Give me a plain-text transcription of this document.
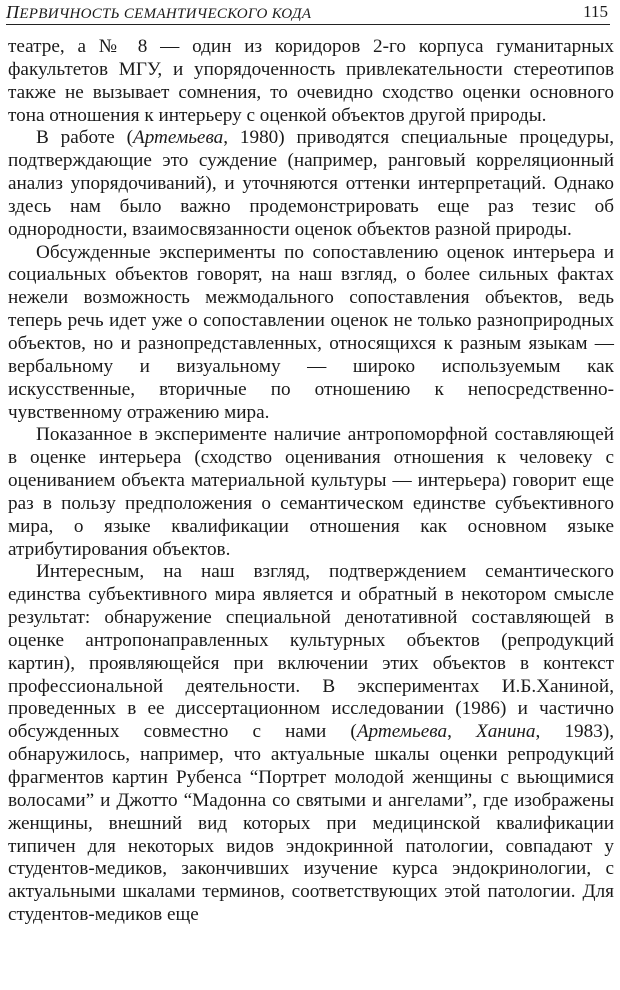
ПЕРВИЧНОСТЬ СЕМАНТИЧЕСКОГО КОДА	115

театре, а № 8 — один из коридоров 2-го корпуса гуманитарных факультетов МГУ, и упорядоченность привлекательности стереотипов также не вызывает сомнения, то очевидно сходство оценки основного тона отношения к интерьеру с оценкой объектов другой природы.

В работе (Артемьева, 1980) приводятся специальные процедуры, подтверждающие это суждение (например, ранговый корреляционный анализ упорядочиваний), и уточняются оттенки интерпретаций. Однако здесь нам было важно продемонстрировать еще раз тезис об однородности, взаимосвязанности оценок объектов разной природы.

Обсужденные эксперименты по сопоставлению оценок интерьера и социальных объектов говорят, на наш взгляд, о более сильных фактах нежели возможность межмодального сопоставления объектов, ведь теперь речь идет уже о сопоставлении оценок не только разноприродных объектов, но и разнопредставленных, относящихся к разным языкам — вербальному и визуальному — широко используемым как искусственные, вторичные по отношению к непосредственно-чувственному отражению мира.

Показанное в эксперименте наличие антропоморфной составляющей в оценке интерьера (сходство оценивания отношения к человеку с оцениванием объекта материальной культуры — интерьера) говорит еще раз в пользу предположения о семантическом единстве субъективного мира, о языке квалификации отношения как основном языке атрибутирования объектов.

Интересным, на наш взгляд, подтверждением семантического единства субъективного мира является и обратный в некотором смысле результат: обнаружение специальной денотативной составляющей в оценке антропонаправленных культурных объектов (репродукций картин), проявляющейся при включении этих объектов в контекст профессиональной деятельности. В экспериментах И.Б.Ханиной, проведенных в ее диссертационном исследовании (1986) и частично обсужденных совместно с нами (Артемьева, Ханина, 1983), обнаружилось, например, что актуальные шкалы оценки репродукций фрагментов картин Рубенса “Портрет молодой женщины с вьющимися волосами” и Джотто “Мадонна со святыми и ангелами”, где изображены женщины, внешний вид которых при медицинской квалификации типичен для некоторых видов эндокринной патологии, совпадают у студентов-медиков, закончивших изучение курса эндокринологии, с актуальными шкалами терминов, соответствующих этой патологии. Для студентов-медиков еще
